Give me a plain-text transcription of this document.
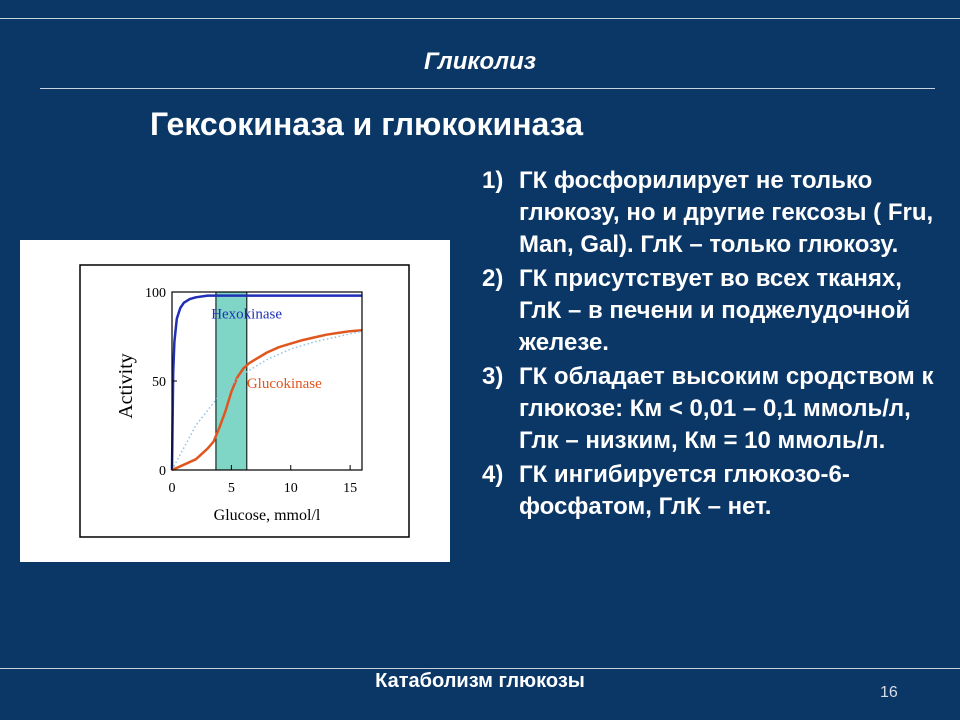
Гликолиз
Гексокиназа и глюкокиназа
0	5	10	15
0
50
100
Glucose, mmol/l
Activity
Hexokinase
Glucokinase
1) ГК фосфорилирует не только глюкозу, но и другие гексозы ( Fru, Man, Gal). ГлК – только глюкозу.
2) ГК присутствует во всех тканях, ГлК – в печени и поджелудочной железе.
3) ГК обладает высоким сродством к глюкозе: Км < 0,01 – 0,1 ммоль/л, Глк – низким, Км = 10 ммоль/л.
4) ГК ингибируется глюкозо-6-фосфатом, ГлК – нет.
Катаболизм глюкозы
16
